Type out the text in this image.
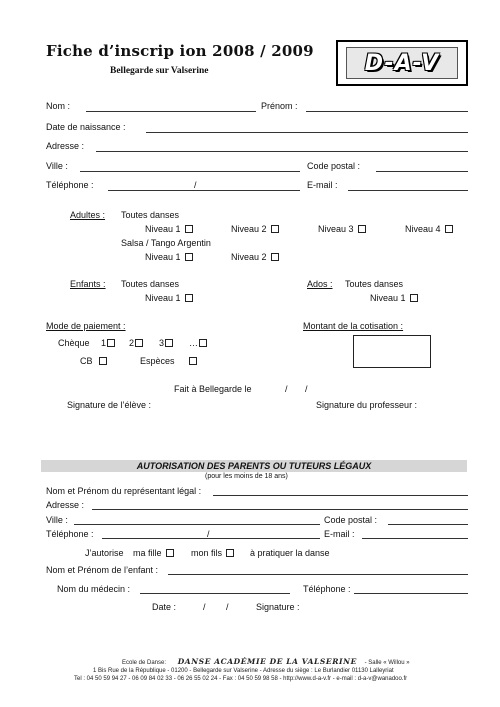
Fiche d’inscrip ion 2008 / 2009
Bellegarde sur Valserine	D-A-V
Nom :	Prénom :
Date de naissance :
Adresse :
Ville :	Code postal :
Téléphone :	/	E-mail :
Adultes : Toutes danses
Niveau 1	Niveau 2	Niveau 3	Niveau 4
Salsa / Tango Argentin
Niveau 1	Niveau 2
Enfants : Toutes danses
Niveau 1
Ados : Toutes danses
Niveau 1
Mode de paiement :	Montant de la cotisation :
Chèque 1	2	3	…
CB	Espèces
Fait à Bellegarde le	/ /
Signature de l’élève :	Signature du professeur :
AUTORISATION DES PARENTS OU TUTEURS LÉGAUX
(pour les moins de 18 ans)
Nom et Prénom du représentant légal :
Adresse :
Ville :	Code postal :
Téléphone :	/	E-mail :
J’autorise ma fille	mon fils	à pratiquer la danse
Nom et Prénom de l’enfant :
Nom du médecin :	Téléphone :
Date :	/ /	Signature :
Ecole de Danse: DANSE ACADÉMIE DE LA VALSERINE - Salle « Willou »
1 Bis Rue de la République - 01200 - Bellegarde sur Valserine - Adresse du siège : Le Burlandier 01130 Lalleyriat
Tel : 04 50 59 94 27 - 06 09 84 02 33 - 06 26 55 02 24 - Fax : 04 50 59 98 58 - http://www.d-a-v.fr - e-mail : d-a-v@wanadoo.fr
